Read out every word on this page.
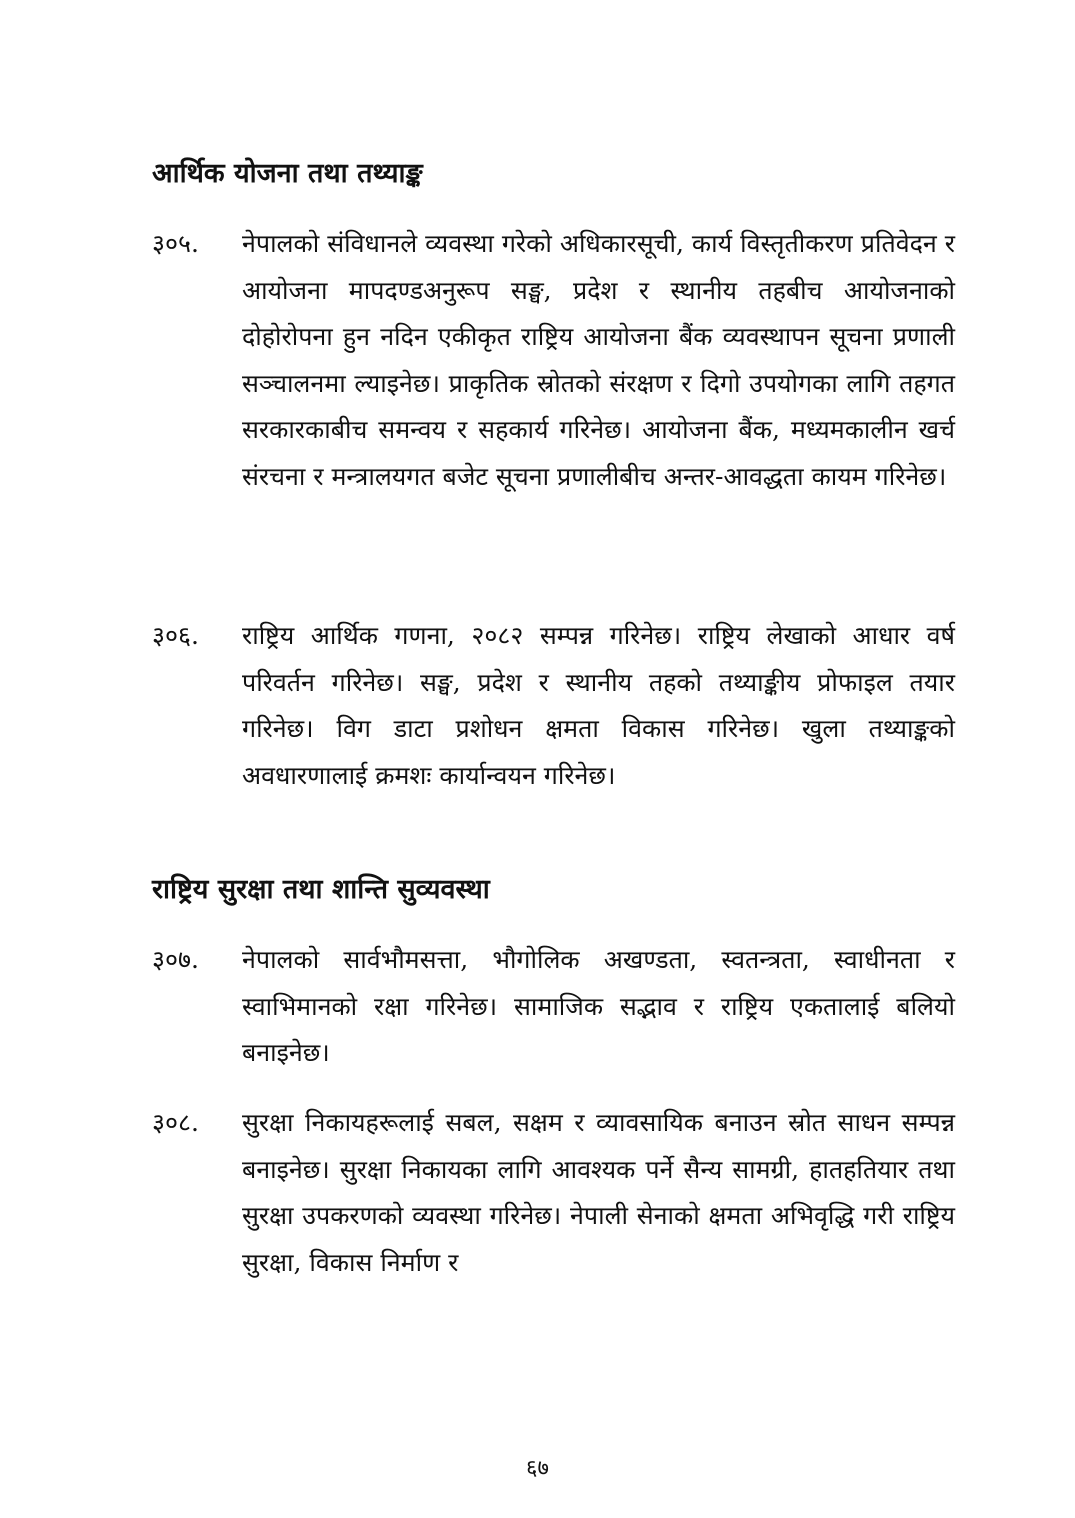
आर्थिक योजना तथा तथ्याङ्क
३०५.	नेपालको संविधानले व्यवस्था गरेको अधिकारसूची, कार्य विस्तृतीकरण प्रतिवेदन र आयोजना मापदण्डअनुरूप सङ्घ, प्रदेश र स्थानीय तहबीच आयोजनाको दोहोरोपना हुन नदिन एकीकृत राष्ट्रिय आयोजना बैंक व्यवस्थापन सूचना प्रणाली सञ्चालनमा ल्याइनेछ। प्राकृतिक स्रोतको संरक्षण र दिगो उपयोगका लागि तहगत सरकारकाबीच समन्वय र सहकार्य गरिनेछ। आयोजना बैंक, मध्यमकालीन खर्च संरचना र मन्त्रालयगत बजेट सूचना प्रणालीबीच अन्तर-आवद्धता कायम गरिनेछ।
३०६.	राष्ट्रिय आर्थिक गणना, २०८२ सम्पन्न गरिनेछ। राष्ट्रिय लेखाको आधार वर्ष परिवर्तन गरिनेछ। सङ्घ, प्रदेश र स्थानीय तहको तथ्याङ्कीय प्रोफाइल तयार गरिनेछ। विग डाटा प्रशोधन क्षमता विकास गरिनेछ। खुला तथ्याङ्कको अवधारणालाई क्रमशः कार्यान्वयन गरिनेछ।
राष्ट्रिय सुरक्षा तथा शान्ति सुव्यवस्था
३०७.	नेपालको सार्वभौमसत्ता, भौगोलिक अखण्डता, स्वतन्त्रता, स्वाधीनता र स्वाभिमानको रक्षा गरिनेछ। सामाजिक सद्भाव र राष्ट्रिय एकतालाई बलियो बनाइनेछ।
३०८.	सुरक्षा निकायहरूलाई सबल, सक्षम र व्यावसायिक बनाउन स्रोत साधन सम्पन्न बनाइनेछ। सुरक्षा निकायका लागि आवश्यक पर्ने सैन्य सामग्री, हातहतियार तथा सुरक्षा उपकरणको व्यवस्था गरिनेछ। नेपाली सेनाको क्षमता अभिवृद्धि गरी राष्ट्रिय सुरक्षा, विकास निर्माण र
६७
